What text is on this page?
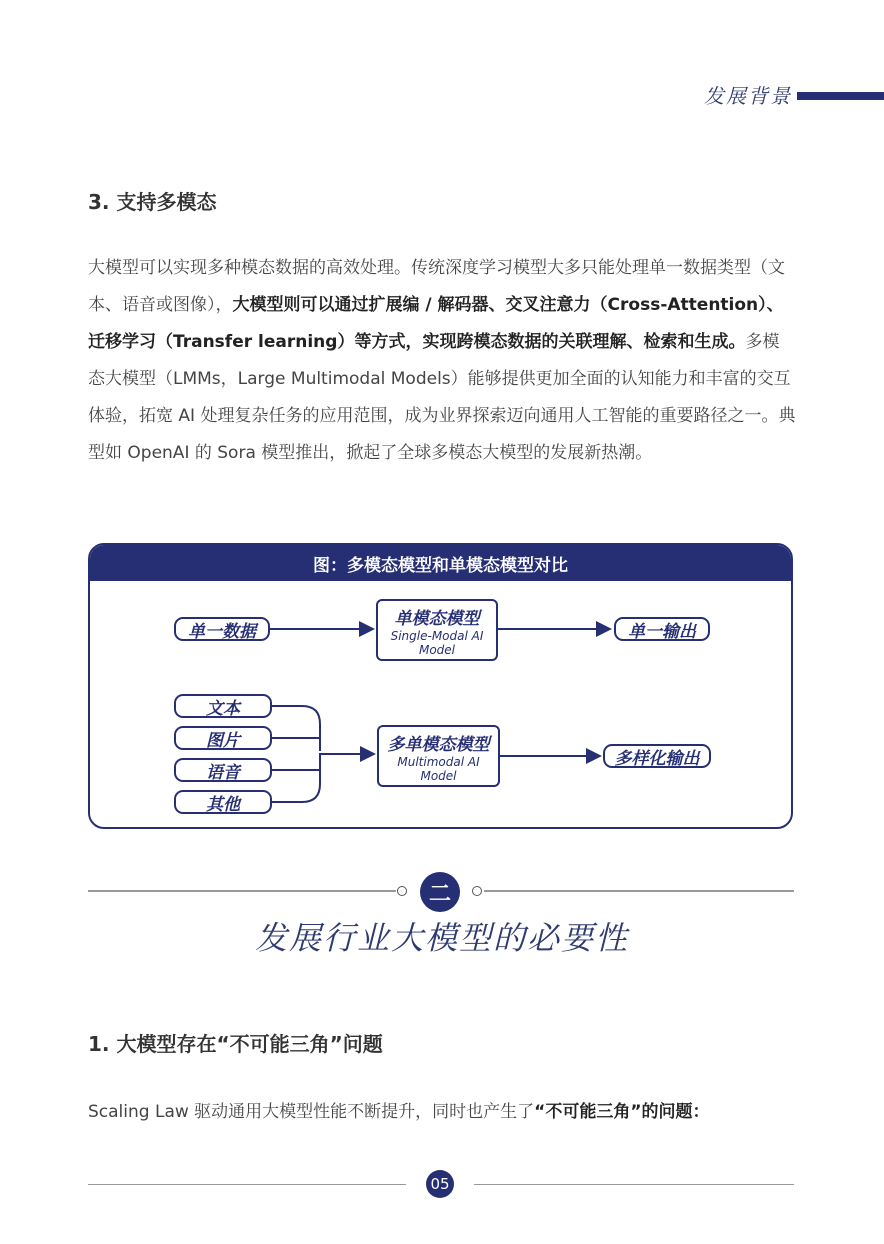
发展背景
3. 支持多模态
大模型可以实现多种模态数据的高效处理。传统深度学习模型大多只能处理单一数据类型（文本、语音或图像），大模型则可以通过扩展编 / 解码器、交叉注意力（Cross-Attention）、迁移学习（Transfer learning）等方式，实现跨模态数据的关联理解、检索和生成。多模态大模型（LMMs，Large Multimodal Models）能够提供更加全面的认知能力和丰富的交互体验，拓宽 AI 处理复杂任务的应用范围，成为业界探索迈向通用人工智能的重要路径之一。典型如 OpenAI 的 Sora 模型推出，掀起了全球多模态大模型的发展新热潮。
图：多模态模型和单模态模型对比
单一数据
单模态模型
Single-Modal AI
Model
单一输出
文本
图片
语音
其他
多单模态模型
Multimodal AI
Model
多样化输出
二
发展行业大模型的必要性
1. 大模型存在“不可能三角”问题
Scaling Law 驱动通用大模型性能不断提升，同时也产生了“不可能三角”的问题：
05
